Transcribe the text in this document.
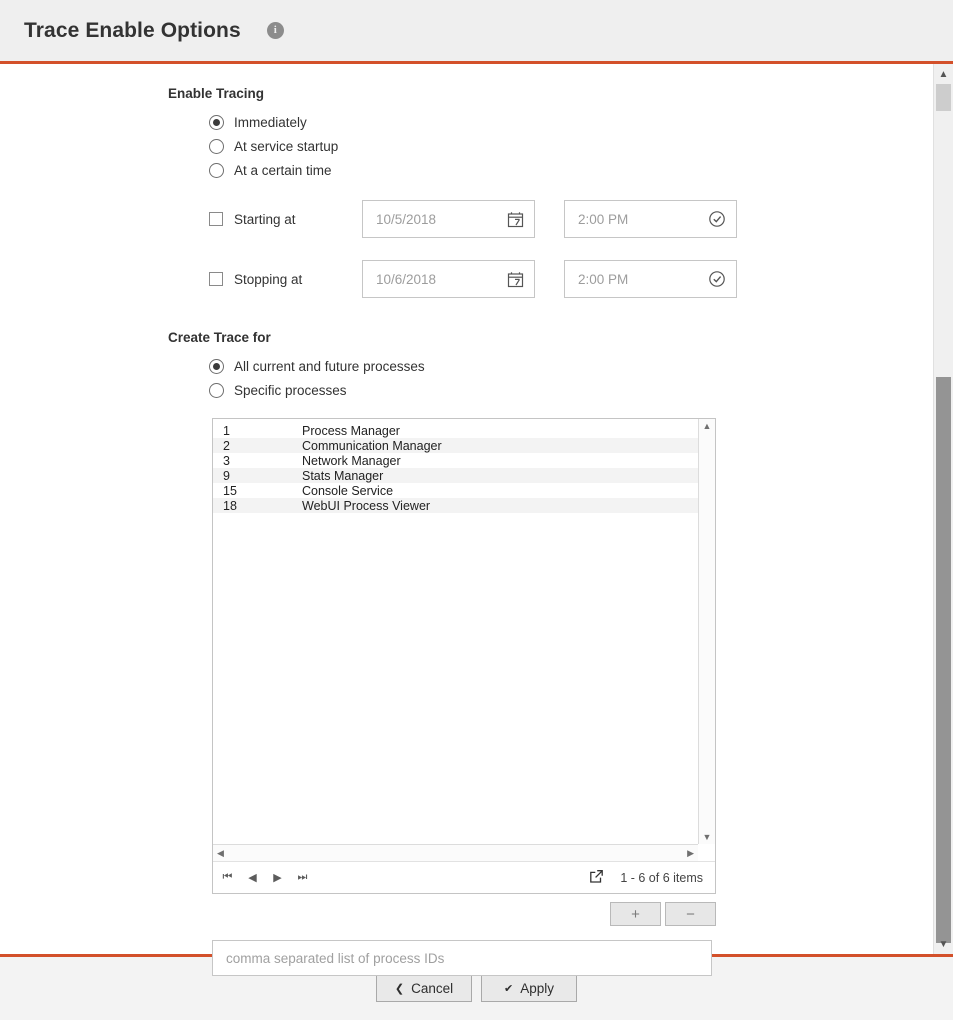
Trace Enable Options	i
Enable Tracing
Immediately
At service startup
At a certain time
Starting at	10/5/2018	2:00 PM
Stopping at	10/6/2018	2:00 PM
Create Trace for
All current and future processes
Specific processes
1	Process Manager
2	Communication Manager
3	Network Manager
9	Stats Manager
15	Console Service
18	WebUI Process Viewer
▲
▼
◀	▶
⏮ ◀ ▶ ⏭	1 - 6 of 6 items
+	−
comma separated list of process IDs
▲
▼
❮ Cancel	✔ Apply
